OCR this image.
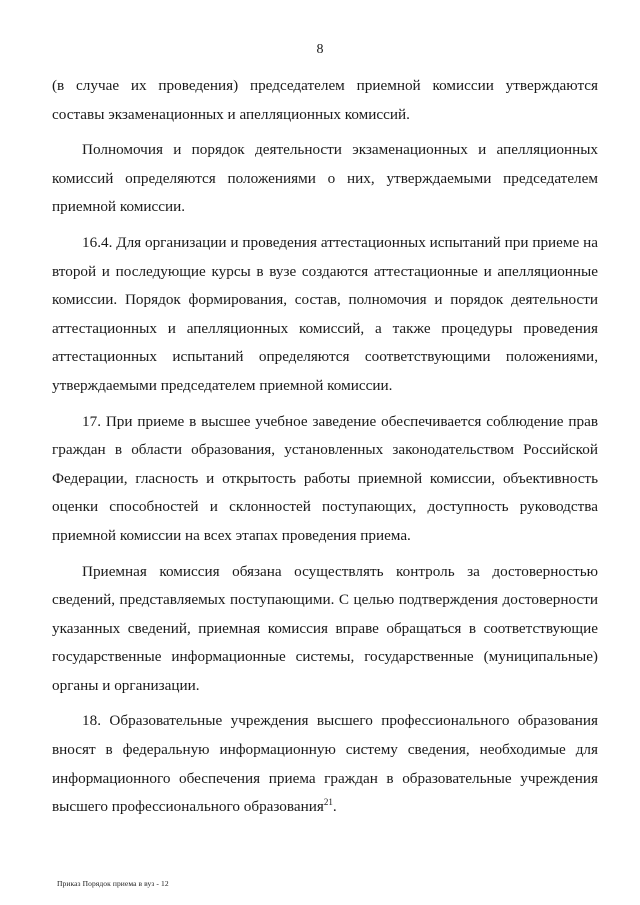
8

(в случае их проведения) председателем приемной комиссии утверждаются составы экзаменационных и апелляционных комиссий.

Полномочия и порядок деятельности экзаменационных и апелляционных комиссий определяются положениями о них, утверждаемыми председателем приемной комиссии.

16.4. Для организации и проведения аттестационных испытаний при приеме на второй и последующие курсы в вузе создаются аттестационные и апелляционные комиссии. Порядок формирования, состав, полномочия и порядок деятельности аттестационных и апелляционных комиссий, а также процедуры проведения аттестационных испытаний определяются соответствующими положениями, утверждаемыми председателем приемной комиссии.

17. При приеме в высшее учебное заведение обеспечивается соблюдение прав граждан в области образования, установленных законодательством Российской Федерации, гласность и открытость работы приемной комиссии, объективность оценки способностей и склонностей поступающих, доступность руководства приемной комиссии на всех этапах проведения приема.

Приемная комиссия обязана осуществлять контроль за достоверностью сведений, представляемых поступающими. С целью подтверждения достоверности указанных сведений, приемная комиссия вправе обращаться в соответствующие государственные информационные системы, государственные (муниципальные) органы и организации.

18. Образовательные учреждения высшего профессионального образования вносят в федеральную информационную систему сведения, необходимые для информационного обеспечения приема граждан в образовательные учреждения высшего профессионального образования$^{21}$.

Приказ Порядок приема в вуз - 12
